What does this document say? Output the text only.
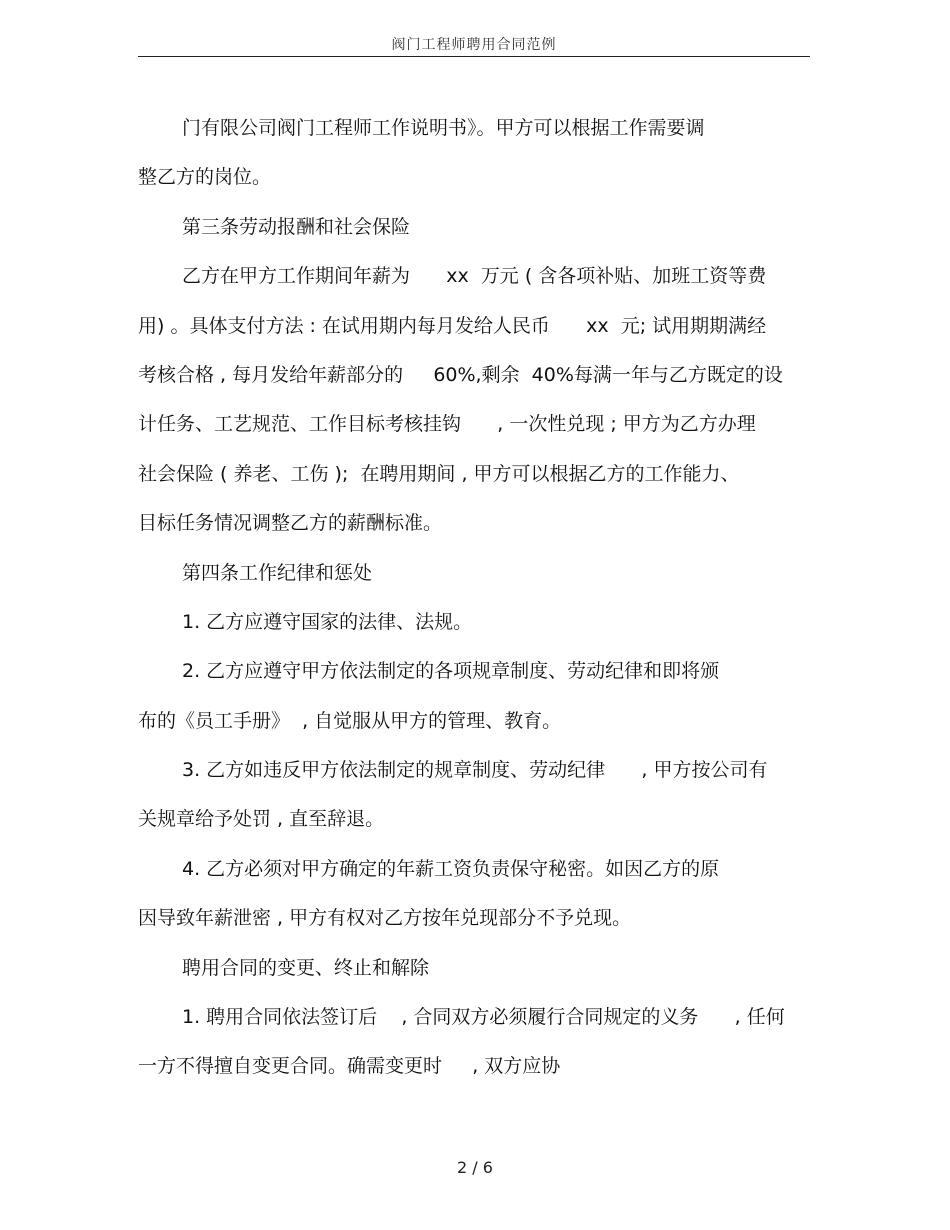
阀门工程师聘用合同范例
门有限公司阀门工程师工作说明书》。甲方可以根据工作需要调
整乙方的岗位。
第三条劳动报酬和社会保险
乙方在甲方工作期间年薪为      xx  万元 ( 含各项补贴、加班工资等费
用) 。具体支付方法 : 在试用期内每月发给人民币      xx  元; 试用期期满经
考核合格 , 每月发给年薪部分的     60%,剩余  40%每满一年与乙方既定的设
计任务、工艺规范、工作目标考核挂钩      , 一次性兑现 ; 甲方为乙方办理
社会保险 ( 养老、工伤 );  在聘用期间 , 甲方可以根据乙方的工作能力、
目标任务情况调整乙方的薪酬标准。
第四条工作纪律和惩处
1. 乙方应遵守国家的法律、法规。
2. 乙方应遵守甲方依法制定的各项规章制度、劳动纪律和即将颁
布的《员工手册》  , 自觉服从甲方的管理、教育。
3. 乙方如违反甲方依法制定的规章制度、劳动纪律      , 甲方按公司有
关规章给予处罚 , 直至辞退。
4. 乙方必须对甲方确定的年薪工资负责保守秘密。如因乙方的原
因导致年薪泄密 , 甲方有权对乙方按年兑现部分不予兑现。
聘用合同的变更、终止和解除
1. 聘用合同依法签订后    , 合同双方必须履行合同规定的义务      , 任何
一方不得擅自变更合同。确需变更时     , 双方应协
2 / 6
